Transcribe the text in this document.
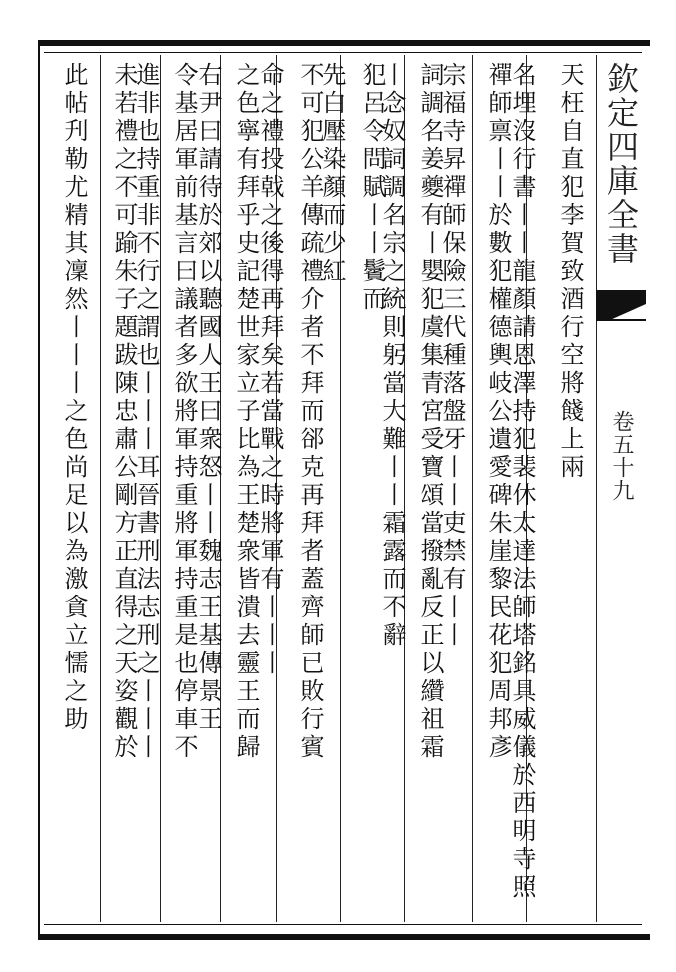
欽定四庫全書
卷五十九
天枉自直犯李賀致酒行空將餞上兩
名埋沒行書丨丨龍顏請恩澤持犯裴休太達法師塔銘具威儀於西明寺照
禪師禀丨丨於數犯權德輿岐公遺愛碑朱崖黎民花犯周邦彥
宗福寺昇禪師保險三代種落盤牙丨丨吏禁有丨丨
詞調名姜夔有丨嬰犯虞集青宮受寶頌當撥亂反正以纘祖霜
丨念奴詞調名宗之統則躬當大難丨丨霜露而不辭
犯呂令問賦丨丨鬢而
先白壓染顏而少紅
不可犯公羊傳疏禮介者不拜而郤克再拜者蓋齊師已敗行賓
命之禮投戟之後得再拜矣若當戰之時將軍有丨丨丨
之色寧有拜乎史記楚世家立子比為王楚衆皆潰去靈王而歸
右尹曰請待於郊以聽國人王曰衆怒丨丨魏志王基傳景王
令基居軍前基言曰議者多欲將軍持重將軍持重是也停車不
進非也持重非不行之謂也丨丨丨耳晉書刑法志刑之丨丨丨
未若禮之不可踰朱子題跋陳忠肅公剛方正直得之天姿觀於
此帖刋勒尤精其凜然丨丨丨之色尚足以為激貪立懦之助
